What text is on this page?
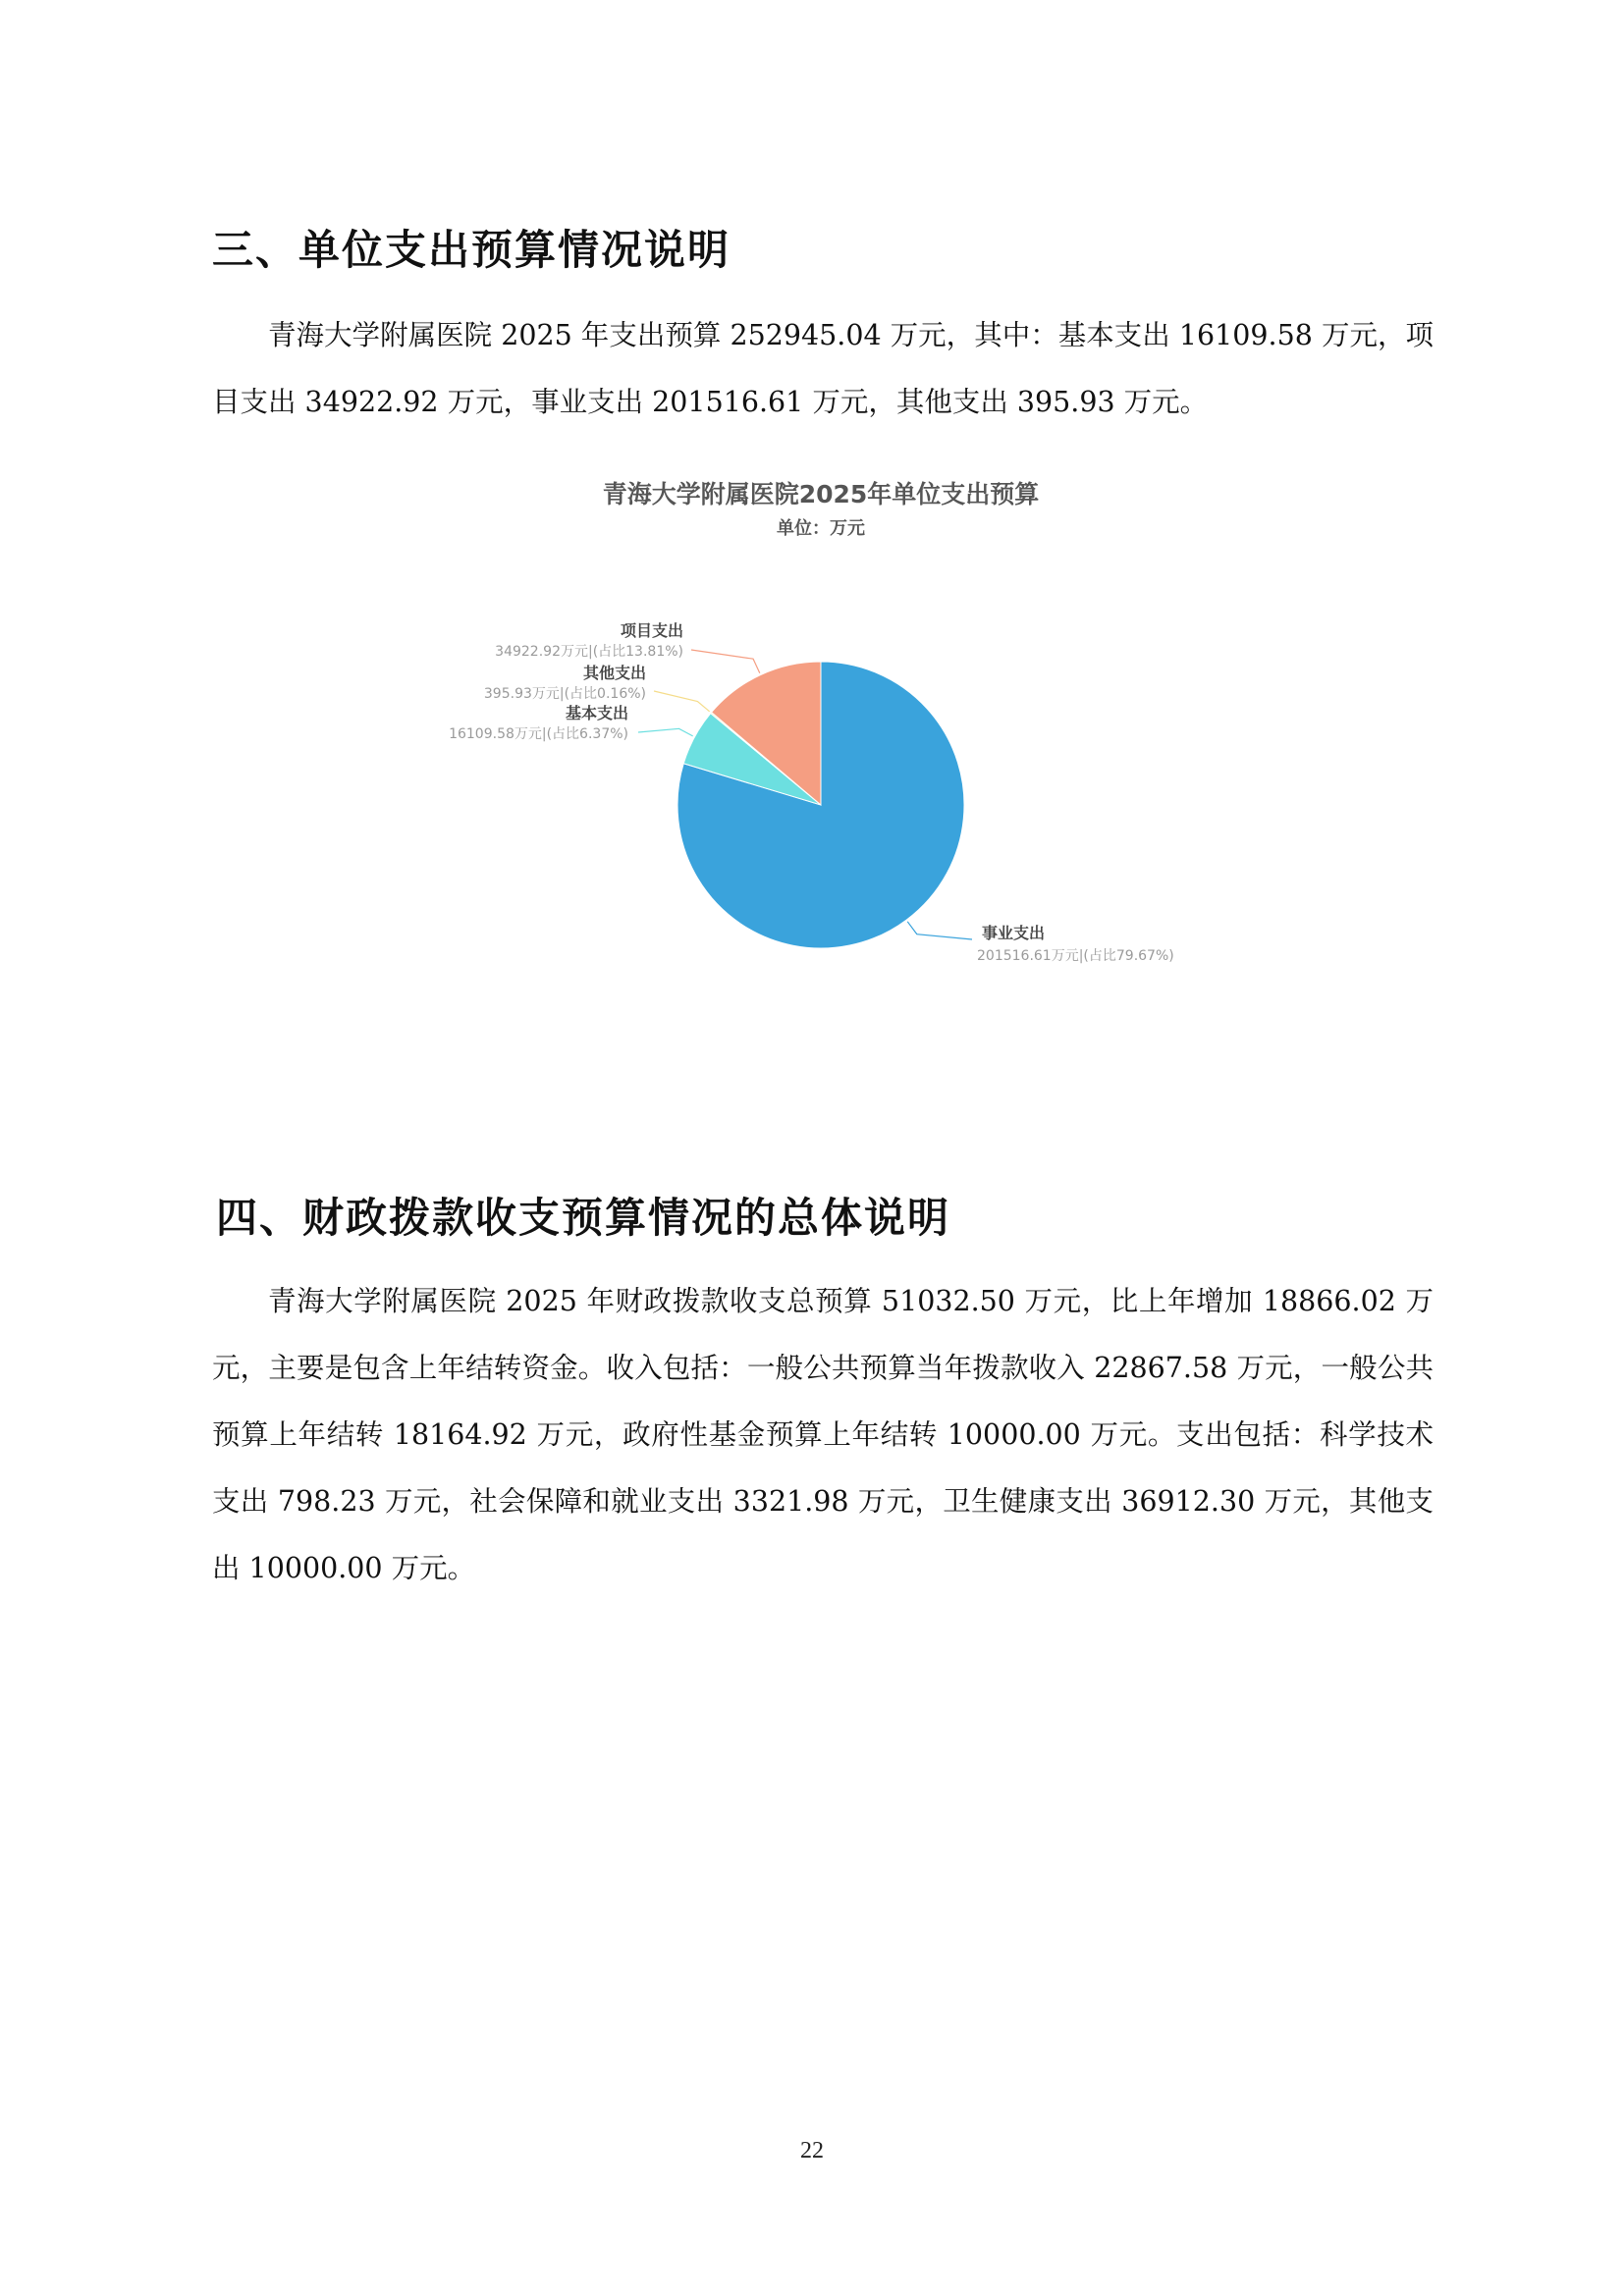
三、单位支出预算情况说明

青海大学附属医院 2025 年支出预算 252945.04 万元，其中：基本支出 16109.58 万元，项目支出 34922.92 万元，事业支出 201516.61 万元，其他支出 395.93 万元。

青海大学附属医院2025年单位支出预算
单位：万元
事业支出
201516.61万元|(占比79.67%)
基本支出
16109.58万元|(占比6.37%)
其他支出
395.93万元|(占比0.16%)
项目支出
34922.92万元|(占比13.81%)
四、财政拨款收支预算情况的总体说明

青海大学附属医院 2025 年财政拨款收支总预算 51032.50 万元，比上年增加 18866.02 万元，主要是包含上年结转资金。收入包括：一般公共预算当年拨款收入 22867.58 万元，一般公共预算上年结转 18164.92 万元，政府性基金预算上年结转 10000.00 万元。支出包括：科学技术支出 798.23 万元，社会保障和就业支出 3321.98 万元，卫生健康支出 36912.30 万元，其他支出 10000.00 万元。

22
